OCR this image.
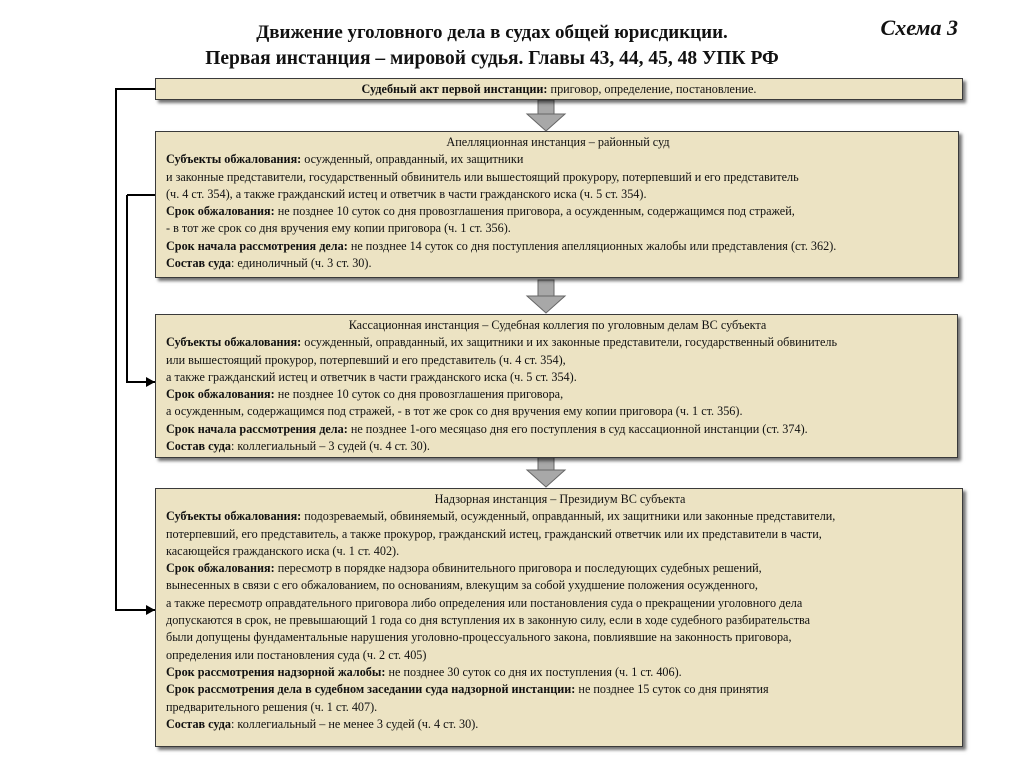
Движение уголовного дела в судах общей юрисдикции.
Первая инстанция – мировой судья. Главы 43, 44, 45, 48 УПК РФ
Схема 3
Судебный акт первой инстанции: приговор, определение, постановление.
Апелляционная инстанция – районный суд
Субъекты обжалования: осужденный, оправданный, их защитники
и законные представители, государственный обвинитель или вышестоящий прокурору, потерпевший и его представитель
(ч. 4 ст. 354), а также гражданский истец и ответчик в части гражданского иска (ч. 5 ст. 354).
Срок обжалования: не позднее 10 суток со дня провозглашения приговора, а осужденным, содержащимся под стражей,
- в тот же срок со дня вручения ему копии приговора (ч. 1 ст. 356).
Срок начала рассмотрения дела: не позднее 14 суток со дня поступления апелляционных жалобы или представления (ст. 362).
Состав суда: единоличный (ч. 3 ст. 30).
Кассационная инстанция – Судебная коллегия по уголовным делам ВС субъекта
Субъекты обжалования: осужденный, оправданный, их защитники и их законные представители, государственный обвинитель
или вышестоящий прокурор, потерпевший и его представитель (ч. 4 ст. 354),
а также гражданский истец и ответчик в части гражданского иска (ч. 5 ст. 354).
Срок обжалования: не позднее 10 суток со дня провозглашения приговора,
а осужденным, содержащимся под стражей, - в тот же срок со дня вручения ему копии приговора (ч. 1 ст. 356).
Срок начала рассмотрения дела: не позднее 1-ого месяцаso дня его поступления в суд кассационной инстанции (ст. 374).
Состав суда: коллегиальный – 3 судей (ч. 4 ст. 30).
Надзорная инстанция – Президиум ВС субъекта
Субъекты обжалования: подозреваемый, обвиняемый, осужденный, оправданный, их защитники или законные представители,
потерпевший, его представитель, а также прокурор, гражданский истец, гражданский ответчик или их представители в части,
касающейся гражданского иска (ч. 1 ст. 402).
Срок обжалования: пересмотр в порядке надзора обвинительного приговора и последующих судебных решений,
вынесенных в связи с его обжалованием, по основаниям, влекущим за собой ухудшение положения осужденного,
а также пересмотр оправдательного приговора либо определения или постановления суда о прекращении уголовного дела
допускаются в срок, не превышающий 1 года со дня вступления их в законную силу, если в ходе судебного разбирательства
были допущены фундаментальные нарушения уголовно-процессуального закона, повлиявшие на законность приговора,
определения или постановления суда (ч. 2 ст. 405)
Срок рассмотрения надзорной жалобы: не позднее 30 суток со дня их поступления (ч. 1 ст. 406).
Срок рассмотрения дела в судебном заседании суда надзорной инстанции: не позднее 15 суток со дня принятия
предварительного решения (ч. 1 ст. 407).
Состав суда: коллегиальный – не менее 3 судей (ч. 4 ст. 30).
